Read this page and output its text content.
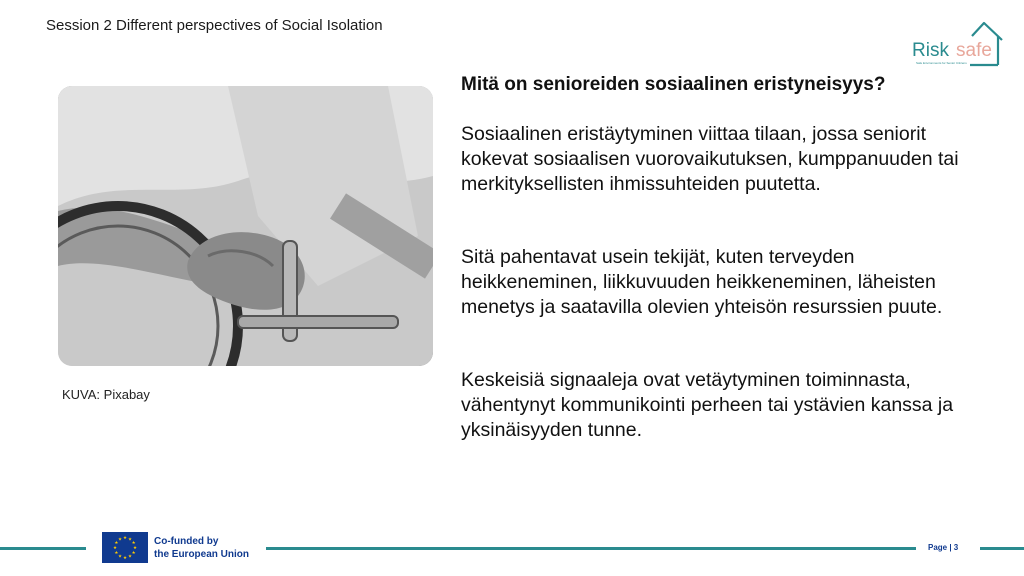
Session 2 Different perspectives of Social Isolation
Risk safe
Safe Environments for Senior Citizens
KUVA: Pixabay
Mitä on senioreiden sosiaalinen eristyneisyys?

Sosiaalinen eristäytyminen viittaa tilaan, jossa seniorit kokevat sosiaalisen vuorovaikutuksen, kumppanuuden tai merkityksellisten ihmissuhteiden puutetta.

Sitä pahentavat usein tekijät, kuten terveyden heikkeneminen, liikkuvuuden heikkeneminen, läheisten menetys ja saatavilla olevien yhteisön resurssien puute.

Keskeisiä signaaleja ovat vetäytyminen toiminnasta, vähentynyt kommunikointi perheen tai ystävien kanssa ja yksinäisyyden tunne.

★
★
★
★
★
★
★
★
★ ★ ★
★ Co-funded by
the European Union
Page | 3
